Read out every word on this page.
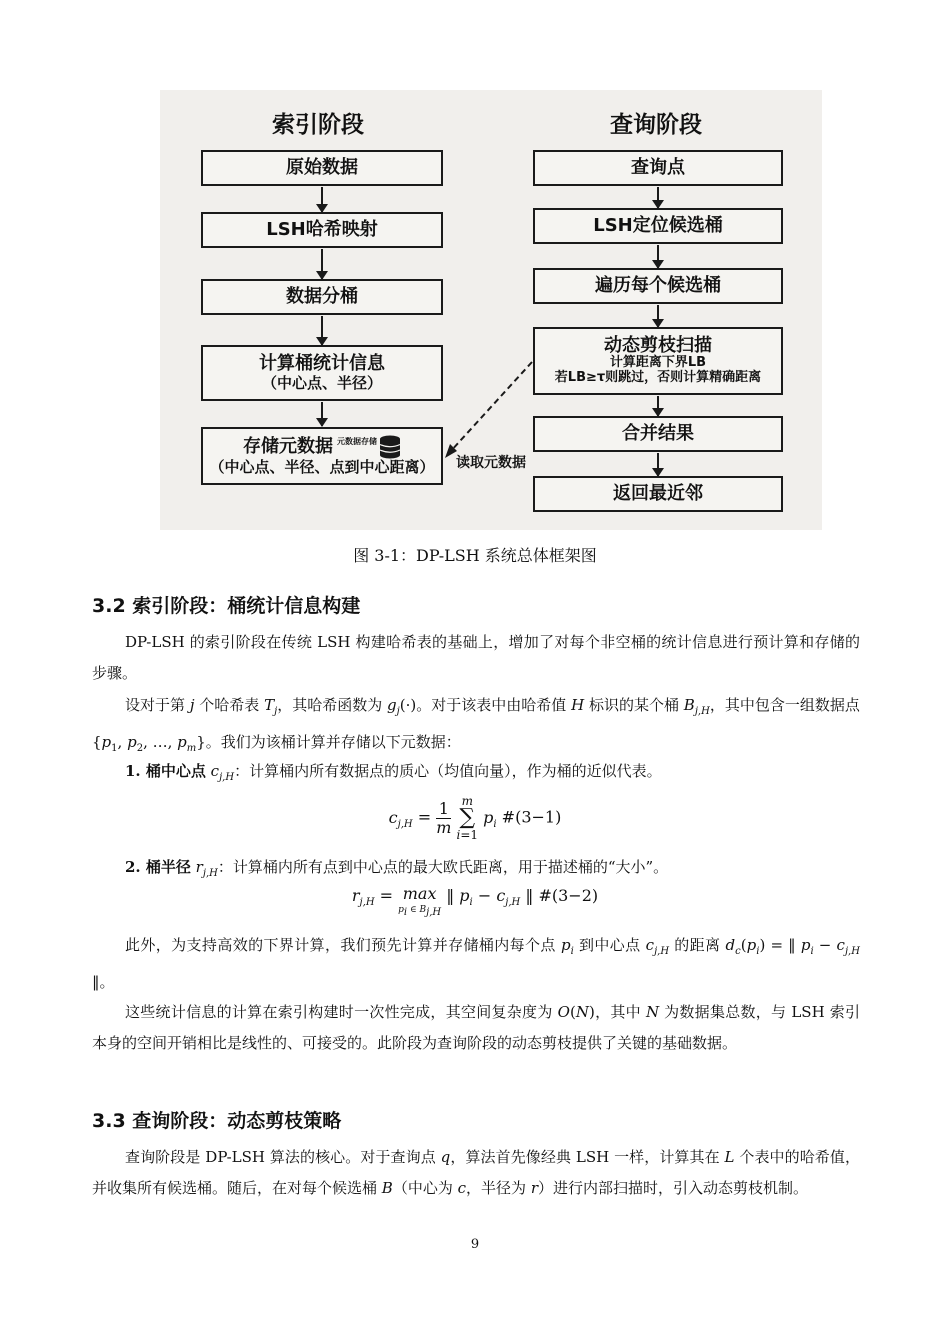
索引阶段	查询阶段
原始数据
LSH哈希映射
数据分桶
计算桶统计信息
（中心点、半径）
存储元数据 元数据存储
（中心点、半径、点到中心距离）
查询点
LSH定位候选桶
遍历每个候选桶
动态剪枝扫描
计算距离下界LB
若LB≥τ则跳过，否则计算精确距离
合并结果
返回最近邻
读取元数据
图 3-1：DP-LSH 系统总体框架图
3.2 索引阶段：桶统计信息构建
DP-LSH 的索引阶段在传统 LSH 构建哈希表的基础上，增加了对每个非空桶的统计信息进行预计算和存储的步骤。
设对于第 j 个哈希表 $T_j$，其哈希函数为 $g_j(\cdot)$。对于该表中由哈希值 H 标识的某个桶 $B_{j,H}$，其中包含一组数据点 {$p_1$, $p_2$, …, $p_m$}。我们为该桶计算并存储以下元数据：
1. 桶中心点 $c_{j,H}$：计算桶内所有数据点的质心（均值向量），作为桶的近似代表。
$c_{j,H} = \frac{1}{m}$
m
∑
i=1
$p_i$ #(3−1)
2. 桶半径 $r_{j,H}$：计算桶内所有点到中心点的最大欧氏距离，用于描述桶的“大小”。
$r_{j,H} = \max$
$p_i$ ∈ $B_{j,H}$
‖ $p_i - c_{j,H}$ ‖ #(3−2)
此外，为支持高效的下界计算，我们预先计算并存储桶内每个点 $p_i$ 到中心点 $c_{j,H}$ 的距离 $d_c(p_i)$ = ‖ $p_i - c_{j,H}$ ‖。
这些统计信息的计算在索引构建时一次性完成，其空间复杂度为 O(N)，其中 N 为数据集总数，与 LSH 索引本身的空间开销相比是线性的、可接受的。此阶段为查询阶段的动态剪枝提供了关键的基础数据。
3.3 查询阶段：动态剪枝策略
查询阶段是 DP-LSH 算法的核心。对于查询点 q，算法首先像经典 LSH 一样，计算其在 L 个表中的哈希值，并收集所有候选桶。随后，在对每个候选桶 B（中心为 c，半径为 r）进行内部扫描时，引入动态剪枝机制。
9
